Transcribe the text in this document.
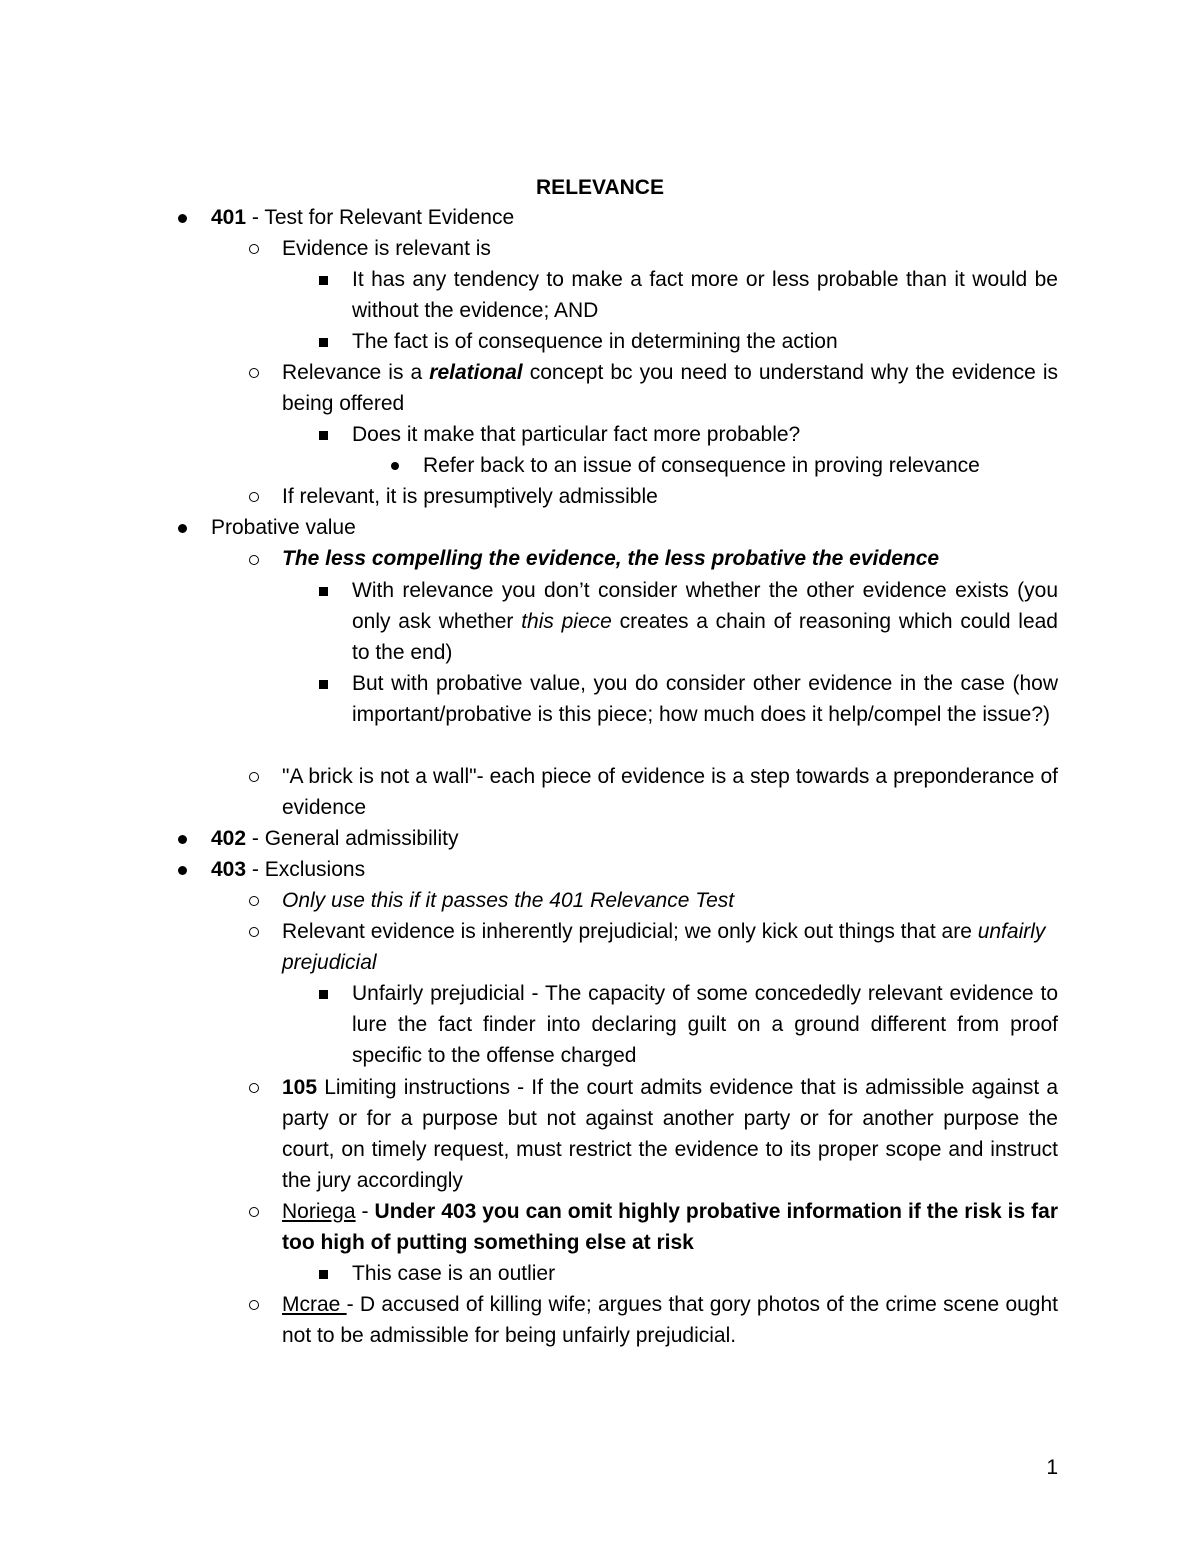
RELEVANCE
401 - Test for Relevant Evidence
Evidence is relevant is
It has any tendency to make a fact more or less probable than it would be without the evidence; AND
The fact is of consequence in determining the action
Relevance is a relational concept bc you need to understand why the evidence is being offered
Does it make that particular fact more probable?
Refer back to an issue of consequence in proving relevance
If relevant, it is presumptively admissible
Probative value
The less compelling the evidence, the less probative the evidence
With relevance you don’t consider whether the other evidence exists (you only ask whether this piece creates a chain of reasoning which could lead to the end)
But with probative value, you do consider other evidence in the case (how important/probative is this piece; how much does it help/compel the issue?)
"A brick is not a wall"- each piece of evidence is a step towards a preponderance of evidence
402 - General admissibility
403 - Exclusions
Only use this if it passes the 401 Relevance Test
Relevant evidence is inherently prejudicial; we only kick out things that are unfairly prejudicial
Unfairly prejudicial - The capacity of some concededly relevant evidence to lure the fact finder into declaring guilt on a ground different from proof specific to the offense charged
105 Limiting instructions - If the court admits evidence that is admissible against a party or for a purpose but not against another party or for another purpose the court, on timely request, must restrict the evidence to its proper scope and instruct the jury accordingly
Noriega - Under 403 you can omit highly probative information if the risk is far too high of putting something else at risk
This case is an outlier
Mcrae - D accused of killing wife; argues that gory photos of the crime scene ought not to be admissible for being unfairly prejudicial.
1
